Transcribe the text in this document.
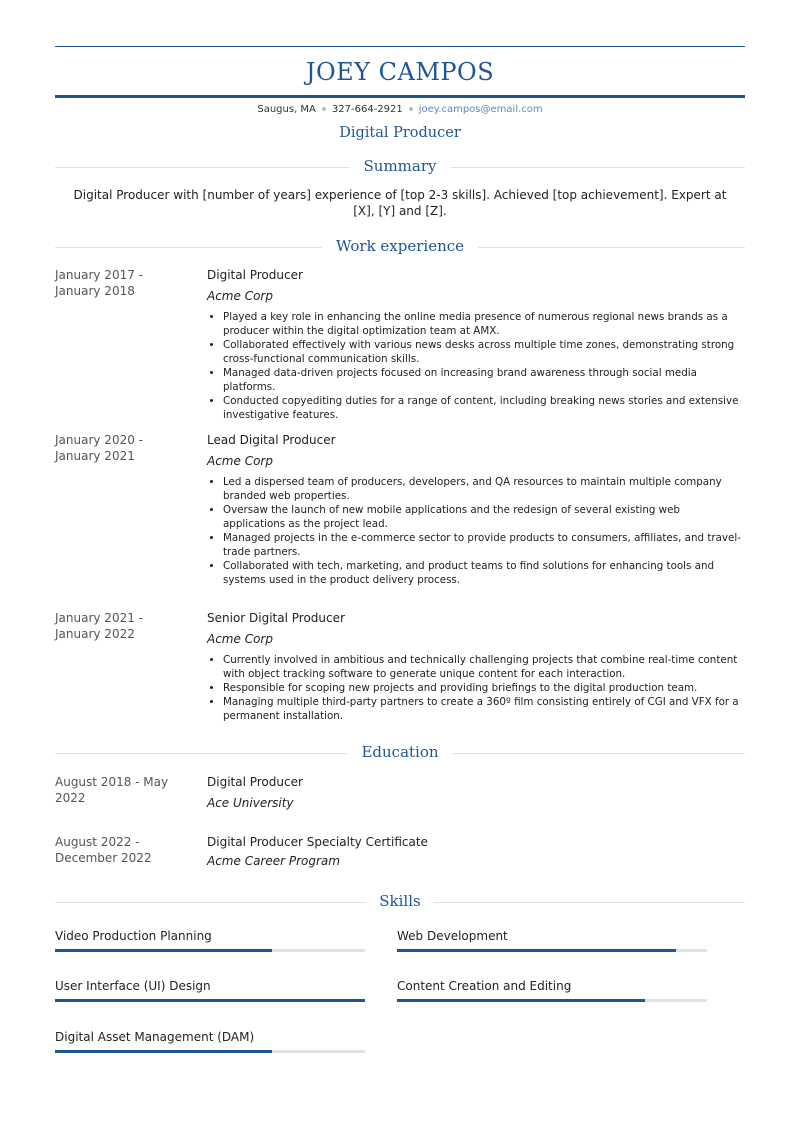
JOEY CAMPOS
Saugus, MA 327-664-2921 joey.campos@email.com
Digital Producer
Summary
Digital Producer with [number of years] experience of [top 2-3 skills]. Achieved [top achievement]. Expert at [X], [Y] and [Z].
Work experience
January 2017 - January 2018
Digital Producer
Acme Corp
• Played a key role in enhancing the online media presence of numerous regional news brands as a producer within the digital optimization team at AMX.
• Collaborated effectively with various news desks across multiple time zones, demonstrating strong cross-functional communication skills.
• Managed data-driven projects focused on increasing brand awareness through social media platforms.
• Conducted copyediting duties for a range of content, including breaking news stories and extensive investigative features.
January 2020 - January 2021
Lead Digital Producer
Acme Corp
• Led a dispersed team of producers, developers, and QA resources to maintain multiple company branded web properties.
• Oversaw the launch of new mobile applications and the redesign of several existing web applications as the project lead.
• Managed projects in the e-commerce sector to provide products to consumers, affiliates, and travel-trade partners.
• Collaborated with tech, marketing, and product teams to find solutions for enhancing tools and systems used in the product delivery process.
January 2021 - January 2022
Senior Digital Producer
Acme Corp
• Currently involved in ambitious and technically challenging projects that combine real-time content with object tracking software to generate unique content for each interaction.
• Responsible for scoping new projects and providing briefings to the digital production team.
• Managing multiple third-party partners to create a 360º film consisting entirely of CGI and VFX for a permanent installation.
Education
August 2018 - May 2022
Digital Producer
Ace University
August 2022 - December 2022
Digital Producer Specialty Certificate
Acme Career Program
Skills
Video Production Planning	Web Development
User Interface (UI) Design	Content Creation and Editing
Digital Asset Management (DAM)
